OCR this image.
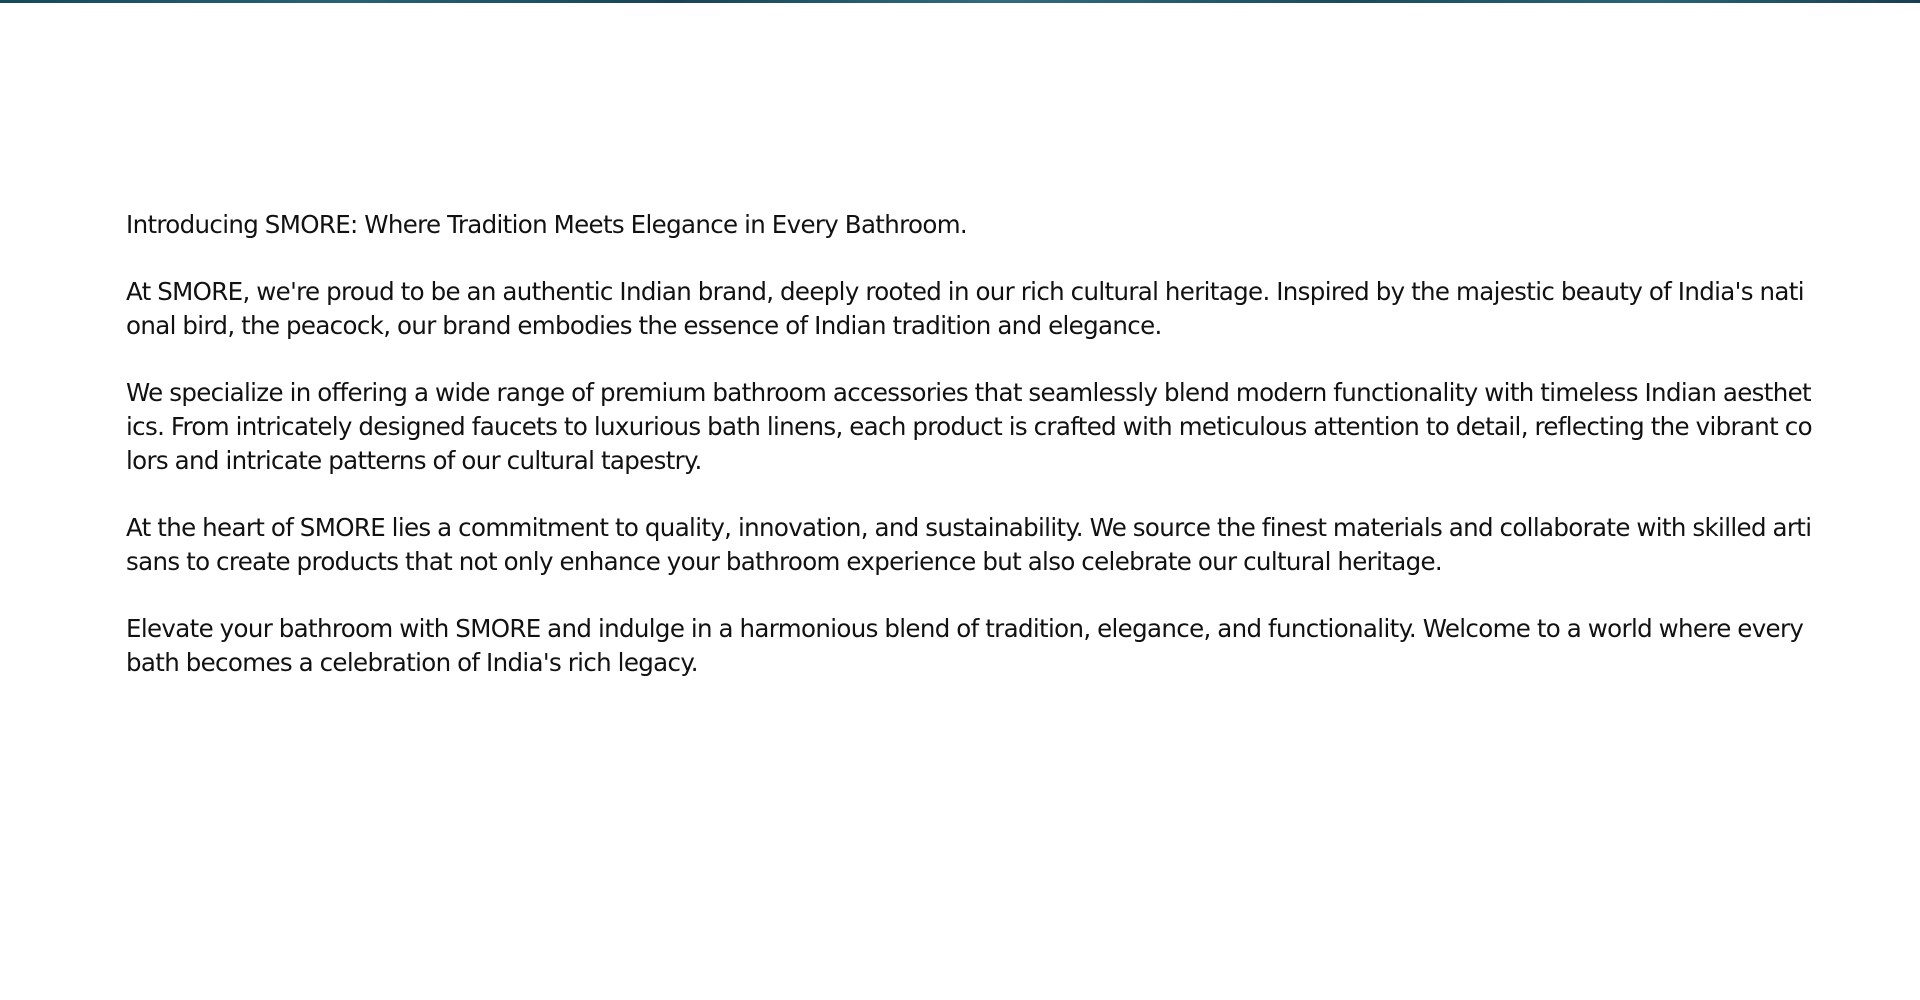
Introducing SMORE: Where Tradition Meets Elegance in Every Bathroom.

At SMORE, we're proud to be an authentic Indian brand, deeply rooted in our rich cultural heritage. Inspired by the majestic beauty of India's national bird, the peacock, our brand embodies the essence of Indian tradition and elegance.

We specialize in offering a wide range of premium bathroom accessories that seamlessly blend modern functionality with timeless Indian aesthetics. From intricately designed faucets to luxurious bath linens, each product is crafted with meticulous attention to detail, reflecting the vibrant colors and intricate patterns of our cultural tapestry.

At the heart of SMORE lies a commitment to quality, innovation, and sustainability. We source the finest materials and collaborate with skilled artisans to create products that not only enhance your bathroom experience but also celebrate our cultural heritage.

Elevate your bathroom with SMORE and indulge in a harmonious blend of tradition, elegance, and functionality. Welcome to a world where every bath becomes a celebration of India's rich legacy.
